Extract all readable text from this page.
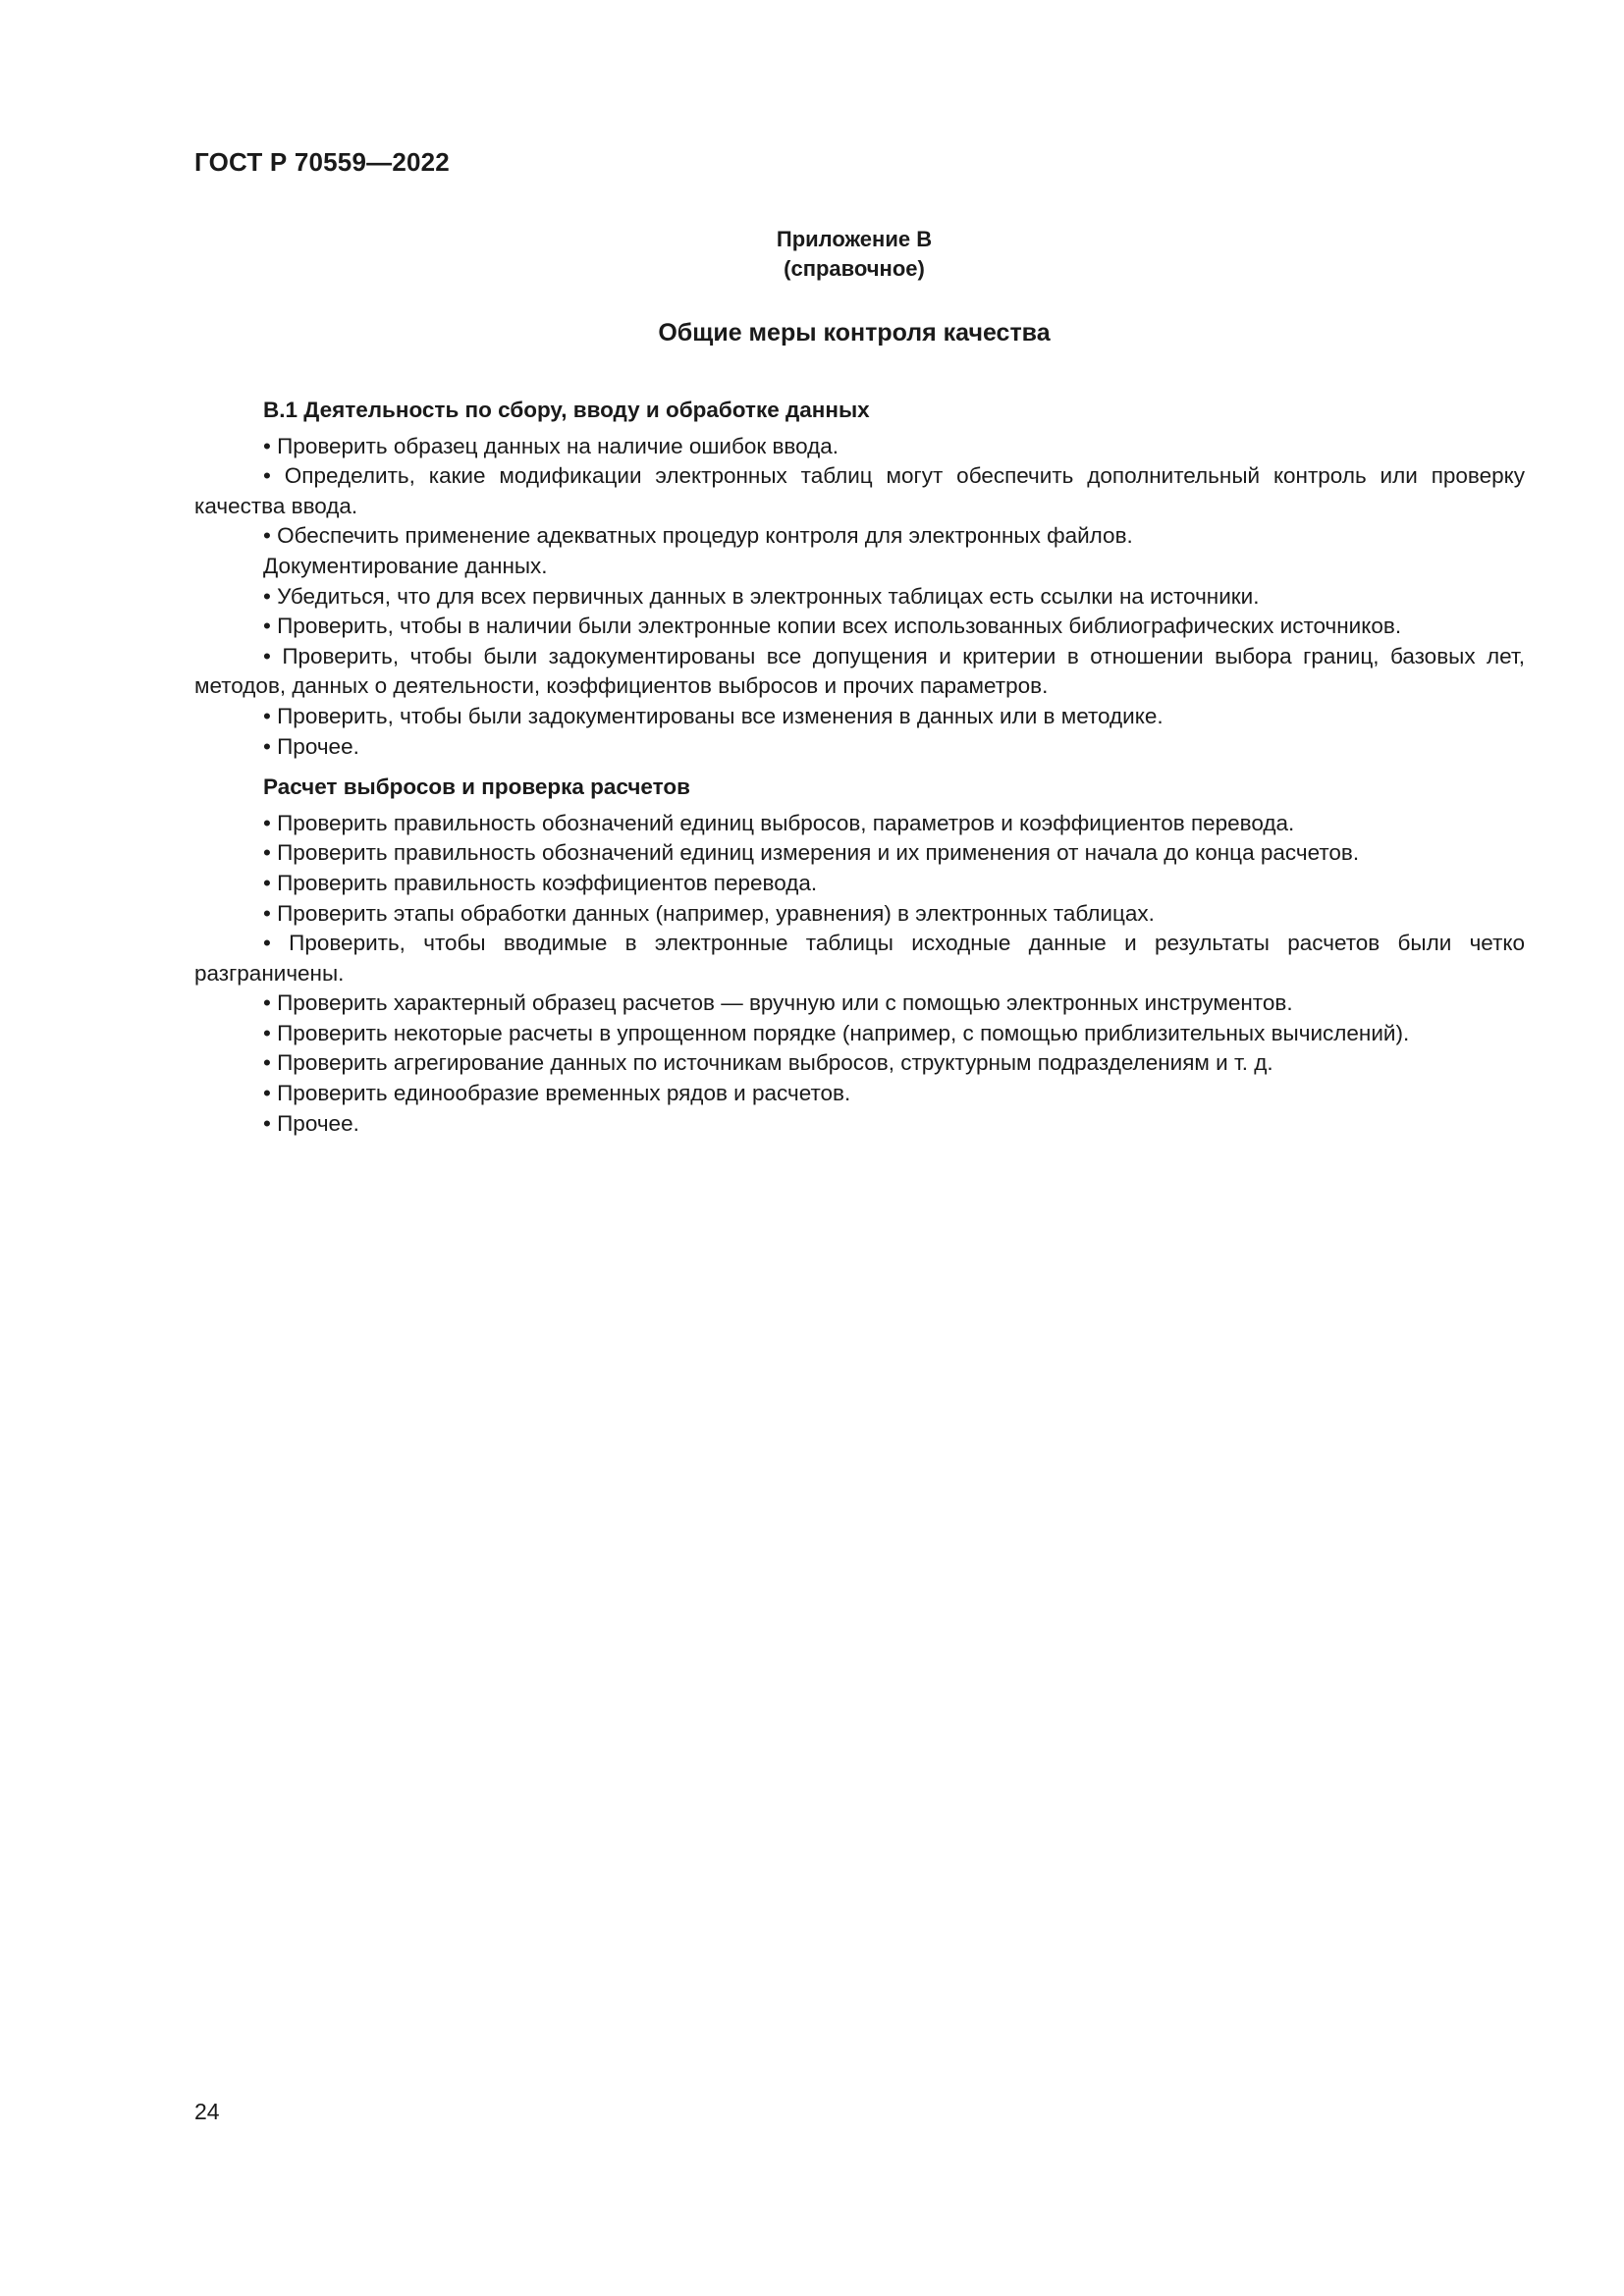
ГОСТ Р 70559—2022
Приложение В
(справочное)
Общие меры контроля качества

В.1 Деятельность по сбору, вводу и обработке данных

• Проверить образец данных на наличие ошибок ввода.

• Определить, какие модификации электронных таблиц могут обеспечить дополнительный контроль или проверку качества ввода.

• Обеспечить применение адекватных процедур контроля для электронных файлов.

Документирование данных.

• Убедиться, что для всех первичных данных в электронных таблицах есть ссылки на источники.

• Проверить, чтобы в наличии были электронные копии всех использованных библиографических источников.

• Проверить, чтобы были задокументированы все допущения и критерии в отношении выбора границ, базовых лет, методов, данных о деятельности, коэффициентов выбросов и прочих параметров.

• Проверить, чтобы были задокументированы все изменения в данных или в методике.

• Прочее.

Расчет выбросов и проверка расчетов

• Проверить правильность обозначений единиц выбросов, параметров и коэффициентов перевода.

• Проверить правильность обозначений единиц измерения и их применения от начала до конца расчетов.

• Проверить правильность коэффициентов перевода.

• Проверить этапы обработки данных (например, уравнения) в электронных таблицах.

• Проверить, чтобы вводимые в электронные таблицы исходные данные и результаты расчетов были четко разграничены.

• Проверить характерный образец расчетов — вручную или с помощью электронных инструментов.

• Проверить некоторые расчеты в упрощенном порядке (например, с помощью приблизительных вычислений).

• Проверить агрегирование данных по источникам выбросов, структурным подразделениям и т. д.

• Проверить единообразие временных рядов и расчетов.

• Прочее.

24
